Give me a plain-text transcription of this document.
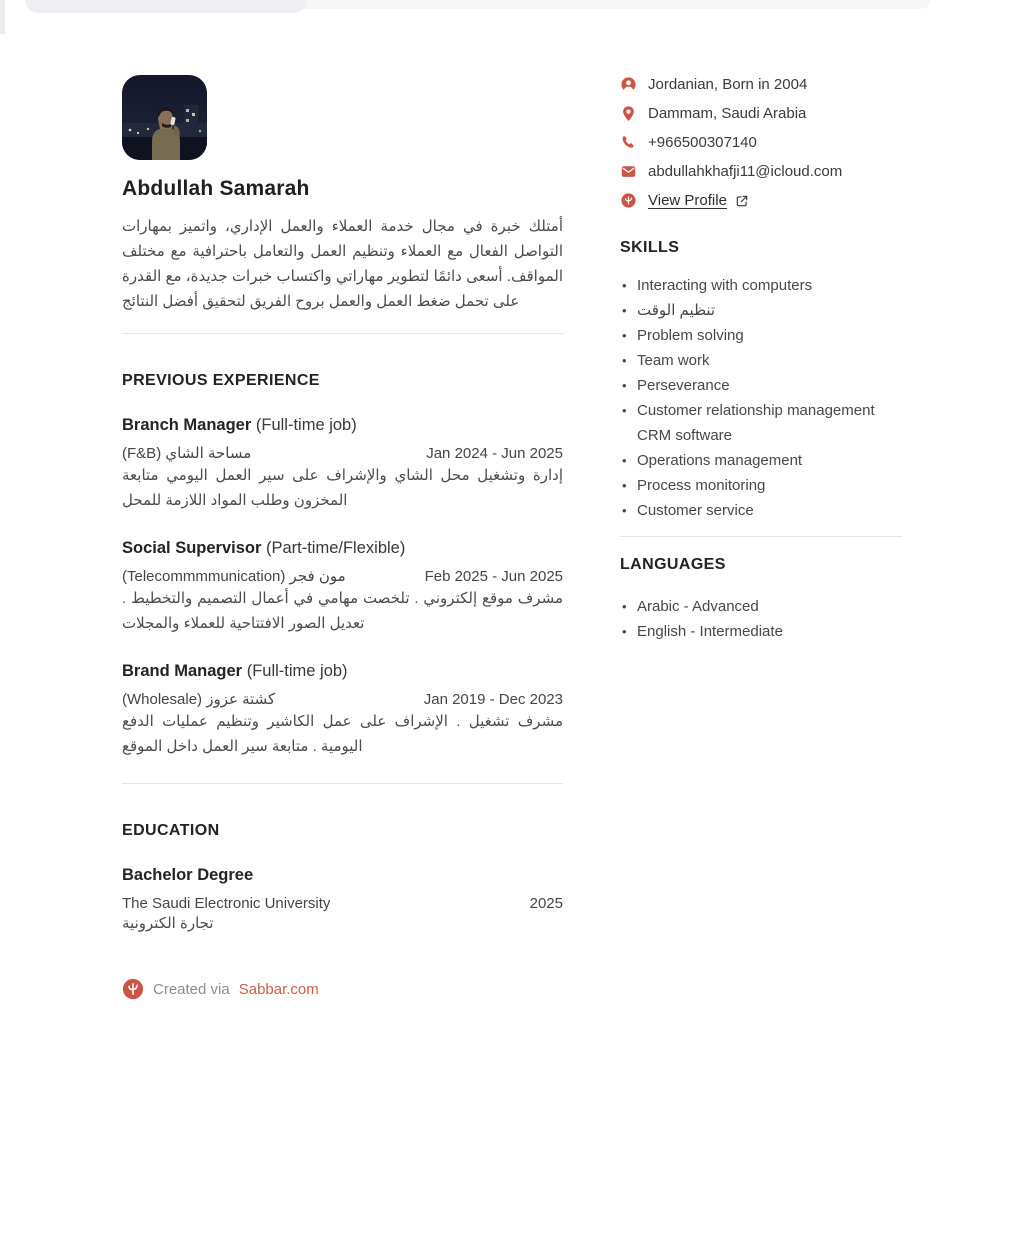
Abdullah Samarah
أمتلك خبرة في مجال خدمة العملاء والعمل الإداري، واتميز بمهارات التواصل الفعال مع العملاء وتنظيم العمل والتعامل باحترافية مع مختلف المواقف. أسعى دائمًا لتطوير مهاراتي واكتساب خبرات جديدة، مع القدرة على تحمل ضغط العمل والعمل بروح الفريق لتحقيق أفضل النتائج
PREVIOUS EXPERIENCE
Branch Manager (Full-time job)
مساحة الشاي (F&B)	Jan 2024 - Jun 2025
إدارة وتشغيل محل الشاي والإشراف على سير العمل اليومي متابعة المخزون وطلب المواد اللازمة للمحل
Social Supervisor (Part-time/Flexible)
مون فجر (Telecommmmunication)	Feb 2025 - Jun 2025
مشرف موقع إلكتروني . تلخصت مهامي في أعمال التصميم والتخطيط . تعديل الصور الافتتاحية للعملاء والمجلات
Brand Manager (Full-time job)
كشتة عزوز (Wholesale)	Jan 2019 - Dec 2023
مشرف تشغيل . الإشراف على عمل الكاشير وتنظيم عمليات الدفع اليومية . متابعة سير العمل داخل الموقع
EDUCATION
Bachelor Degree
The Saudi Electronic University	2025
تجارة الكترونية
Created via Sabbar.com
Jordanian, Born in 2004
Dammam, Saudi Arabia
+966500307140
abdullahkhafji11@icloud.com
View Profile
SKILLS
• Interacting with computers
• تنظيم الوقت
• Problem solving
• Team work
• Perseverance
• Customer relationship management CRM software
• Operations management
• Process monitoring
• Customer service
LANGUAGES
• Arabic - Advanced
• English - Intermediate
